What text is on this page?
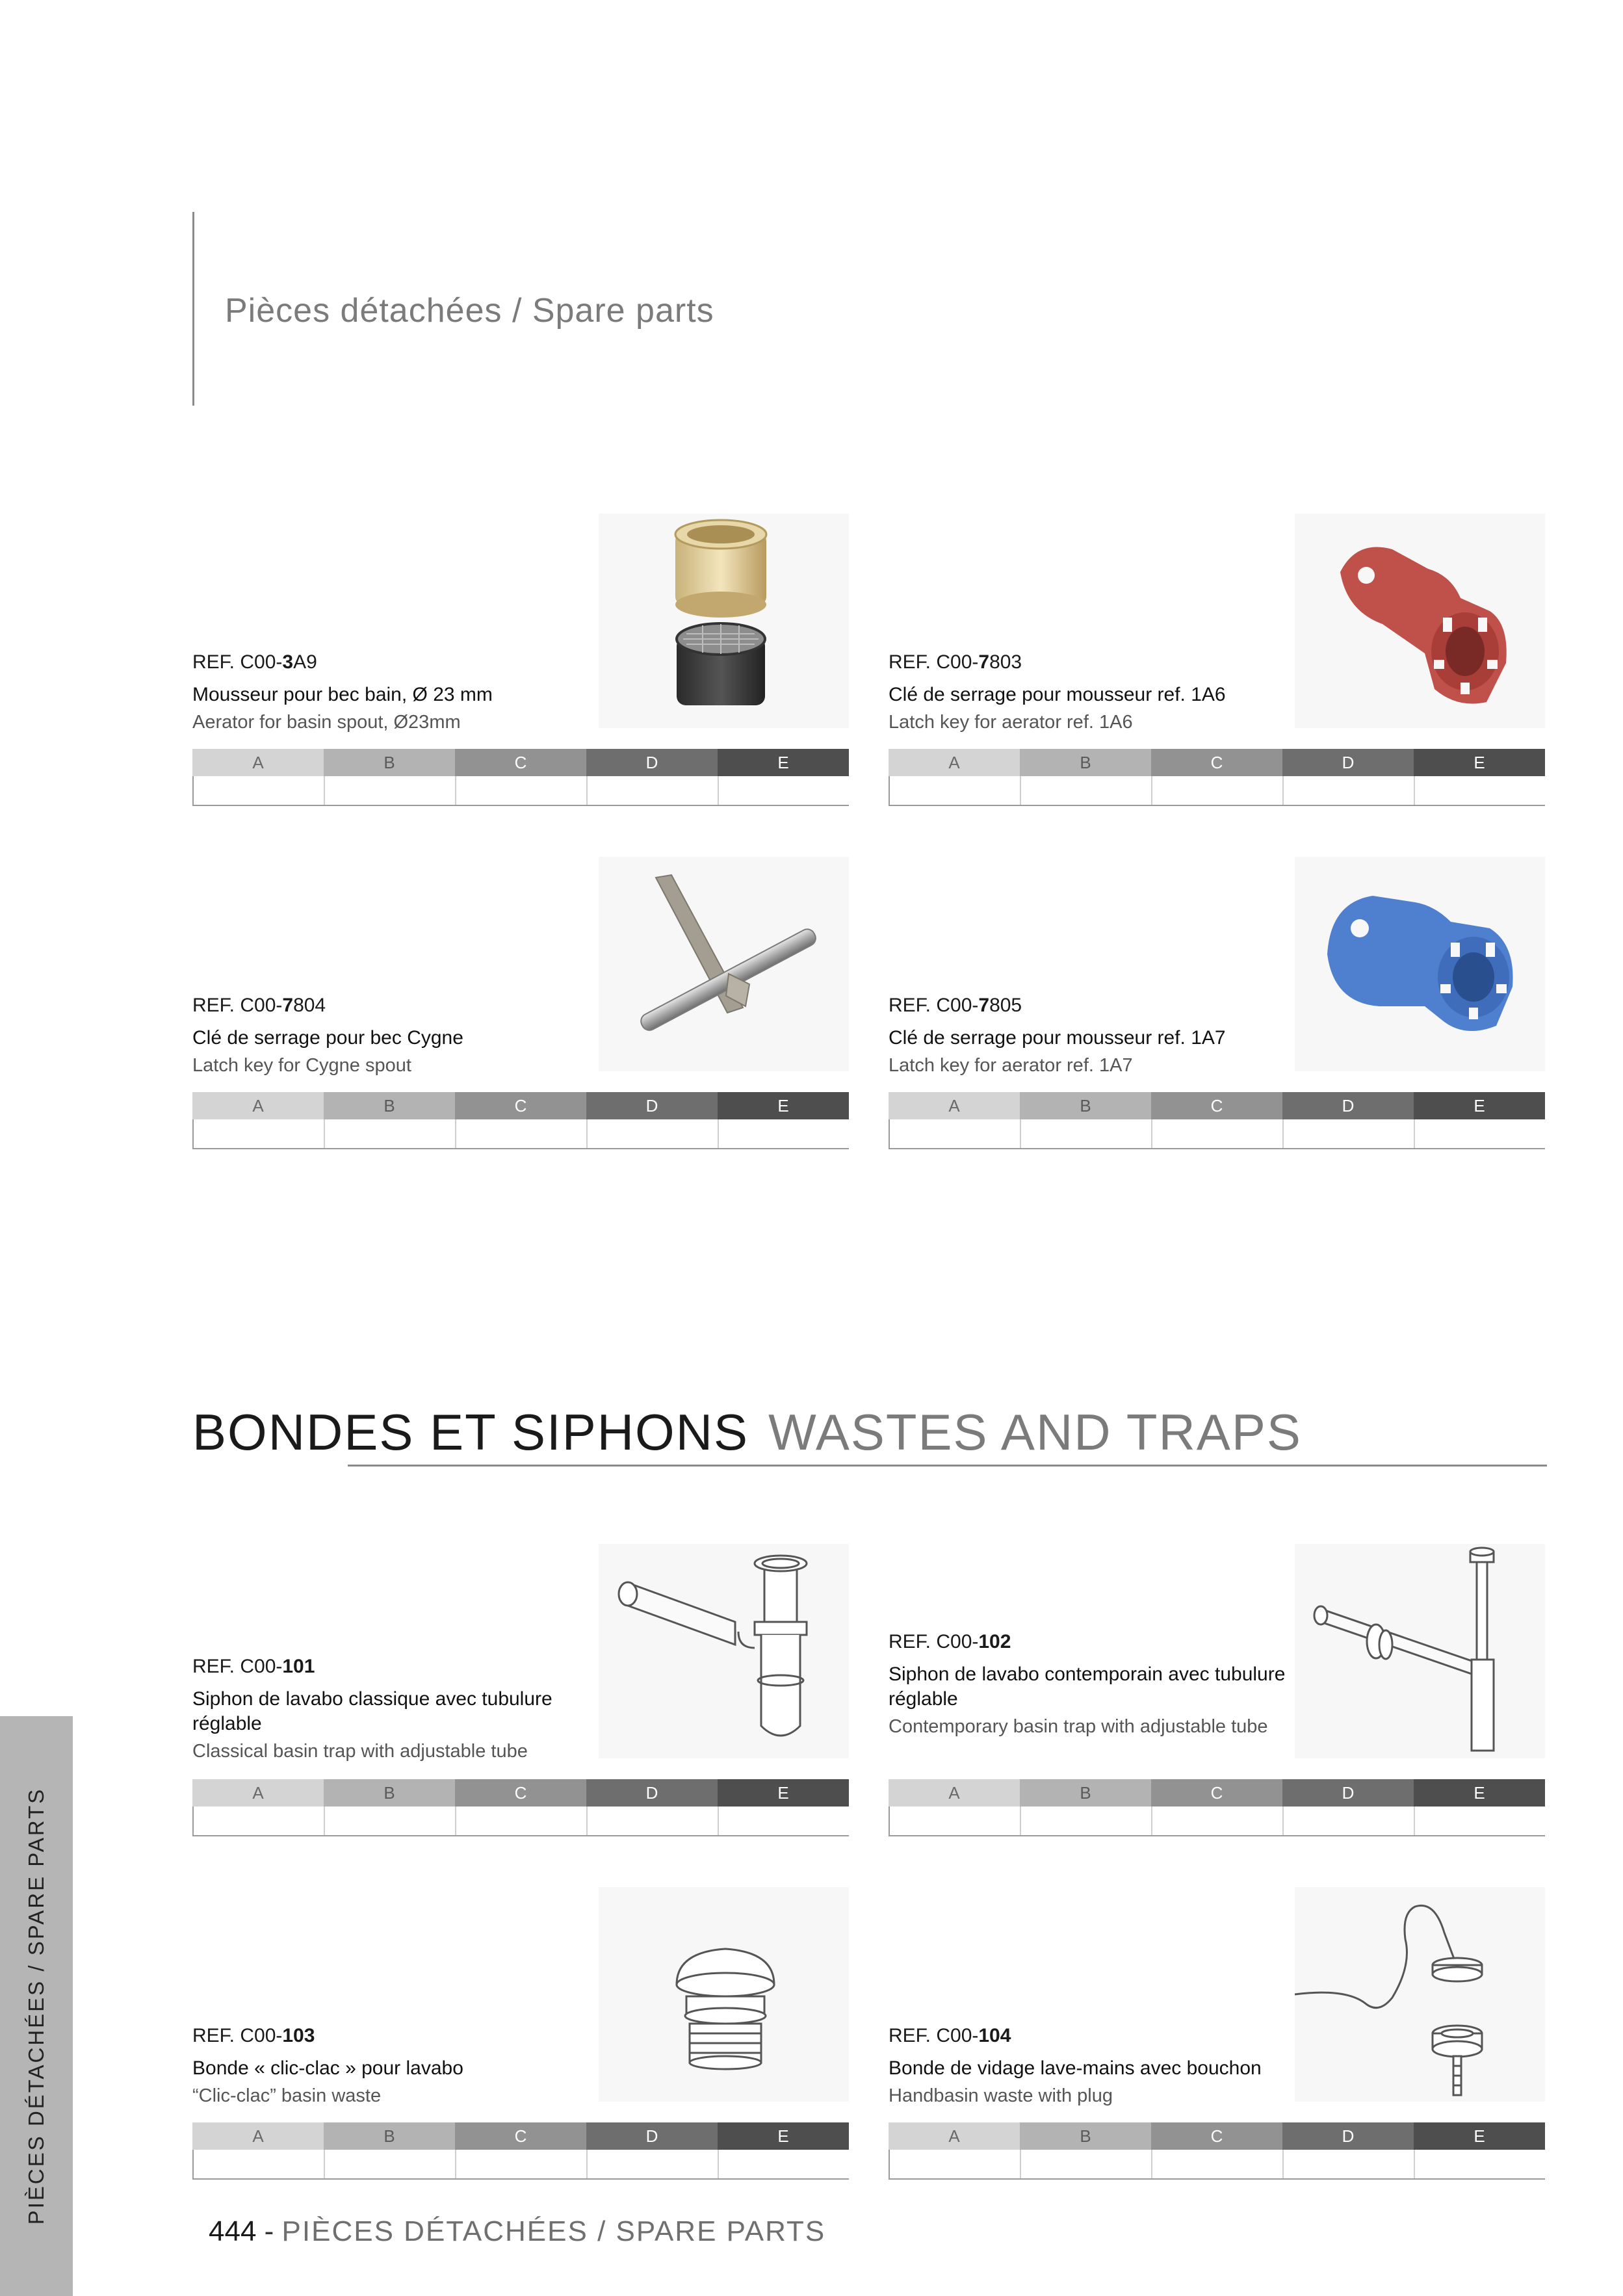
Pièces détachées / Spare parts
REF. C00-3A9
Mousseur pour bec bain, Ø 23 mm
Aerator for basin spout, Ø23mm
A	B	C	D	E
REF. C00-7803
Clé de serrage pour mousseur ref. 1A6
Latch key for aerator ref. 1A6
A	B	C	D	E
REF. C00-7804
Clé de serrage pour bec Cygne
Latch key for Cygne spout
A	B	C	D	E
REF. C00-7805
Clé de serrage pour mousseur ref. 1A7
Latch key for aerator ref. 1A7
A	B	C	D	E
BONDES ET SIPHONS WASTES AND TRAPS
REF. C00-101
Siphon de lavabo classique avec tubulure réglable
Classical basin trap with adjustable tube
A	B	C	D	E
REF. C00-102
Siphon de lavabo contemporain avec tubulure réglable
Contemporary basin trap with adjustable tube
A	B	C	D	E
REF. C00-103
Bonde « clic-clac » pour lavabo
“Clic-clac” basin waste
A	B	C	D	E
REF. C00-104
Bonde de vidage lave-mains avec bouchon
Handbasin waste with plug
A	B	C	D	E
PIÈCES DÉTACHÉES / SPARE PARTS
444 - PIÈCES DÉTACHÉES / SPARE PARTS
